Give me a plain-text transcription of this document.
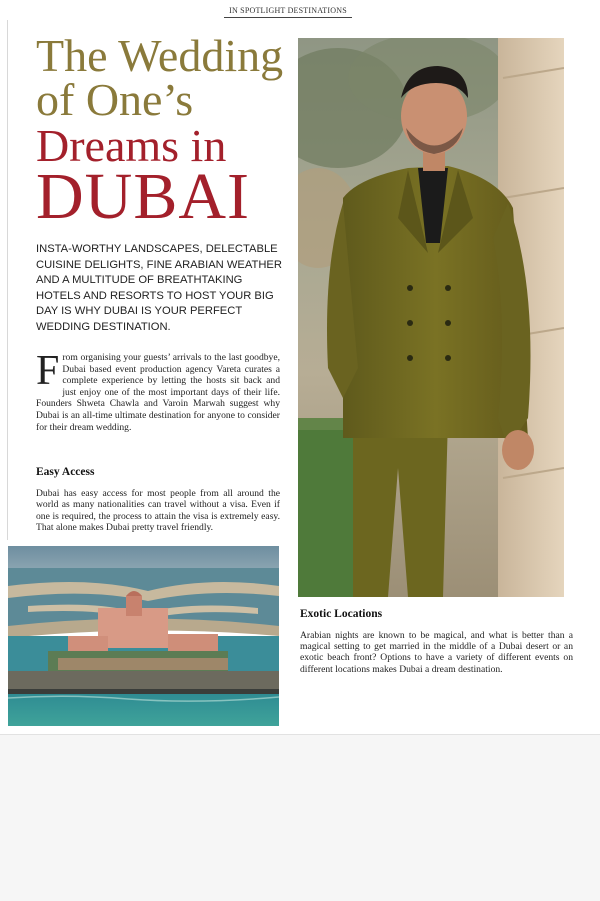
IN SPOTLIGHT DESTINATIONS
The Wedding
of One’s
Dreams in
DUBAI
INSTA-WORTHY LANDSCAPES, DELECTABLE CUISINE DELIGHTS, FINE ARABIAN WEATHER AND A MULTITUDE OF BREATHTAKING HOTELS AND RESORTS TO HOST YOUR BIG DAY IS WHY DUBAI IS YOUR PERFECT WEDDING DESTINATION.
From organising your guests’ arrivals to the last goodbye, Dubai based event production agency Vareta curates a complete experience by letting the hosts sit back and just enjoy one of the most important days of their life. Founders Shweta Chawla and Varoin Marwah suggest why Dubai is an all-time ultimate destination for anyone to consider for their dream wedding.
Easy Access
Dubai has easy access for most people from all around the world as many nationalities can travel without a visa. Even if one is required, the process to attain the visa is extremely easy. That alone makes Dubai pretty travel friendly.
Exotic Locations
Arabian nights are known to be magical, and what is better than a magical setting to get married in the middle of a Dubai desert or an exotic beach front? Options to have a variety of different events on different locations makes Dubai a dream destination.
